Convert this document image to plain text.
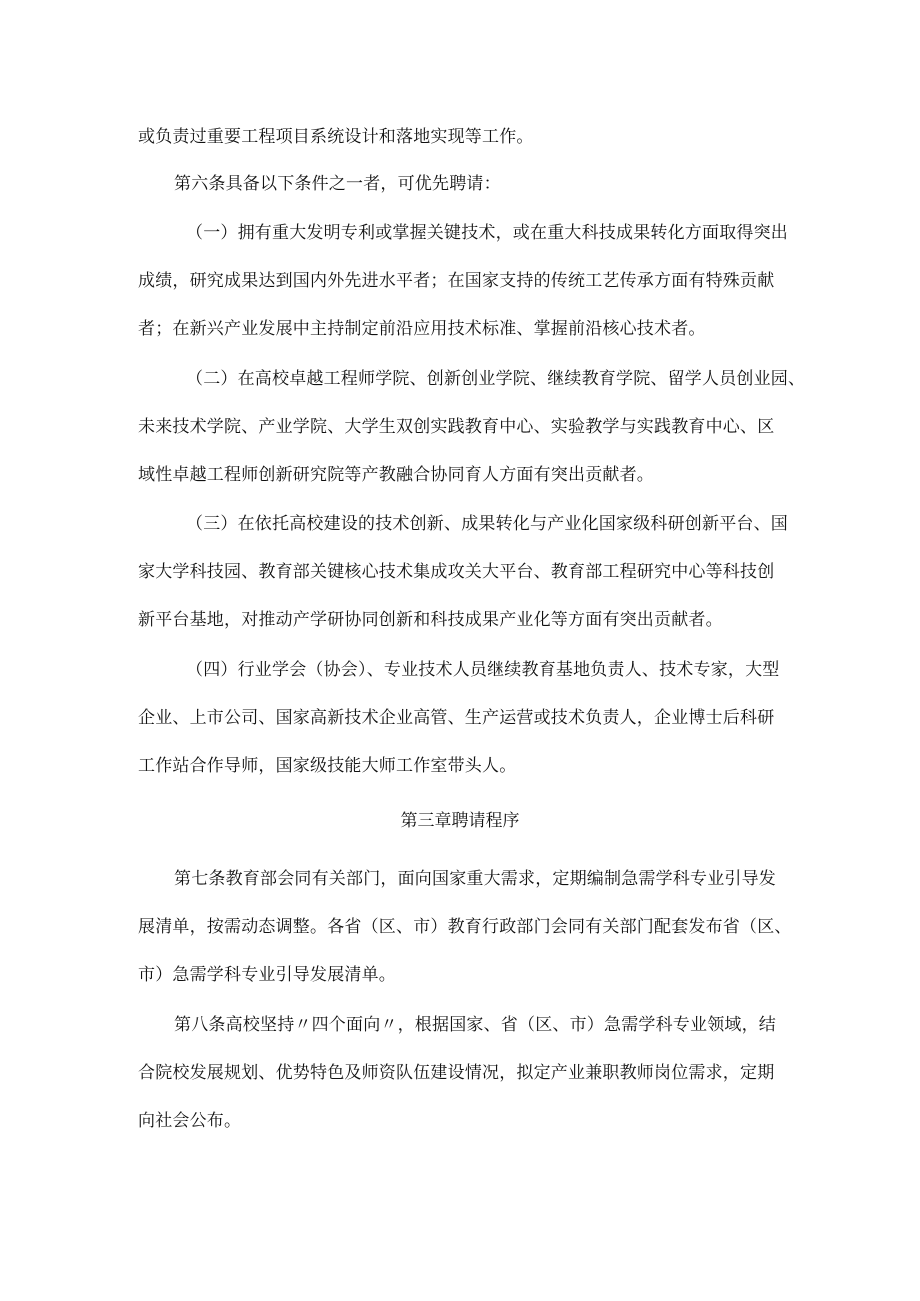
或负责过重要工程项目系统设计和落地实现等工作。
第六条具备以下条件之一者，可优先聘请：
（一）拥有重大发明专利或掌握关键技术，或在重大科技成果转化方面取得突出
成绩，研究成果达到国内外先进水平者；在国家支持的传统工艺传承方面有特殊贡献
者；在新兴产业发展中主持制定前沿应用技术标准、掌握前沿核心技术者。
（二）在高校卓越工程师学院、创新创业学院、继续教育学院、留学人员创业园、
未来技术学院、产业学院、大学生双创实践教育中心、实验教学与实践教育中心、区
域性卓越工程师创新研究院等产教融合协同育人方面有突出贡献者。
（三）在依托高校建设的技术创新、成果转化与产业化国家级科研创新平台、国
家大学科技园、教育部关键核心技术集成攻关大平台、教育部工程研究中心等科技创
新平台基地，对推动产学研协同创新和科技成果产业化等方面有突出贡献者。
（四）行业学会（协会）、专业技术人员继续教育基地负责人、技术专家，大型
企业、上市公司、国家高新技术企业高管、生产运营或技术负责人，企业博士后科研
工作站合作导师，国家级技能大师工作室带头人。
第三章聘请程序
第七条教育部会同有关部门，面向国家重大需求，定期编制急需学科专业引导发
展清单，按需动态调整。各省（区、市）教育行政部门会同有关部门配套发布省（区、
市）急需学科专业引导发展清单。
第八条高校坚持〃四个面向〃，根据国家、省（区、市）急需学科专业领域，结
合院校发展规划、优势特色及师资队伍建设情况，拟定产业兼职教师岗位需求，定期
向社会公布。
